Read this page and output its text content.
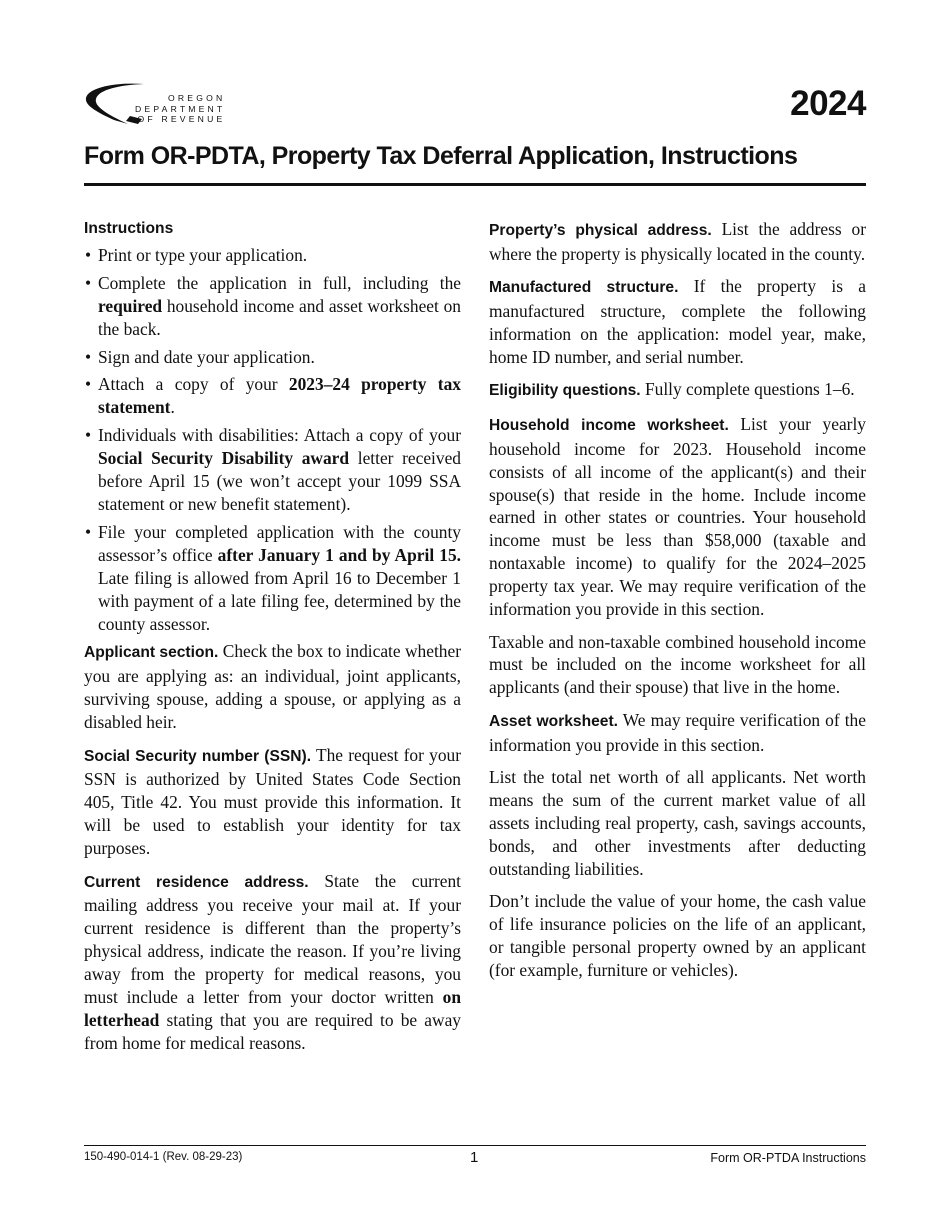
OREGON
DEPARTMENT
OF REVENUE	2024
Form OR-PDTA, Property Tax Deferral Application, Instructions
Instructions
• Print or type your application.
• Complete the application in full, including the required household income and asset worksheet on the back.
• Sign and date your application.
• Attach a copy of your 2023–24 property tax statement.
• Individuals with disabilities: Attach a copy of your Social Security Disability award letter received before April 15 (we won’t accept your 1099 SSA statement or new benefit statement).
• File your completed application with the county assessor’s office after January 1 and by April 15. Late filing is allowed from April 16 to December 1 with payment of a late filing fee, determined by the county assessor.

Applicant section. Check the box to indicate whether you are applying as: an individual, joint applicants, surviving spouse, adding a spouse, or applying as a disabled heir.

Social Security number (SSN). The request for your SSN is authorized by United States Code Section 405, Title 42. You must provide this information. It will be used to establish your identity for tax purposes.

Current residence address. State the current mailing address you receive your mail at. If your current residence is different than the property’s physical address, indicate the reason. If you’re living away from the property for medical reasons, you must include a letter from your doctor written on letterhead stating that you are required to be away from home for medical reasons.

Property’s physical address. List the address or where the property is physically located in the county.

Manufactured structure. If the property is a manufactured structure, complete the following information on the application: model year, make, home ID number, and serial number.

Eligibility questions. Fully complete questions 1–6.

Household income worksheet. List your yearly household income for 2023. Household income consists of all income of the applicant(s) and their spouse(s) that reside in the home. Include income earned in other states or countries. Your household income must be less than $58,000 (taxable and nontaxable income) to qualify for the 2024–2025 property tax year. We may require verification of the information you provide in this section.

Taxable and non-taxable combined household income must be included on the income worksheet for all applicants (and their spouse) that live in the home.

Asset worksheet. We may require verification of the information you provide in this section.

List the total net worth of all applicants. Net worth means the sum of the current market value of all assets including real property, cash, savings accounts, bonds, and other investments after deducting outstanding liabilities.

Don’t include the value of your home, the cash value of life insurance policies on the life of an applicant, or tangible personal property owned by an applicant (for example, furniture or vehicles).

150-490-014-1 (Rev. 08-29-23)	1	Form OR-PTDA Instructions
